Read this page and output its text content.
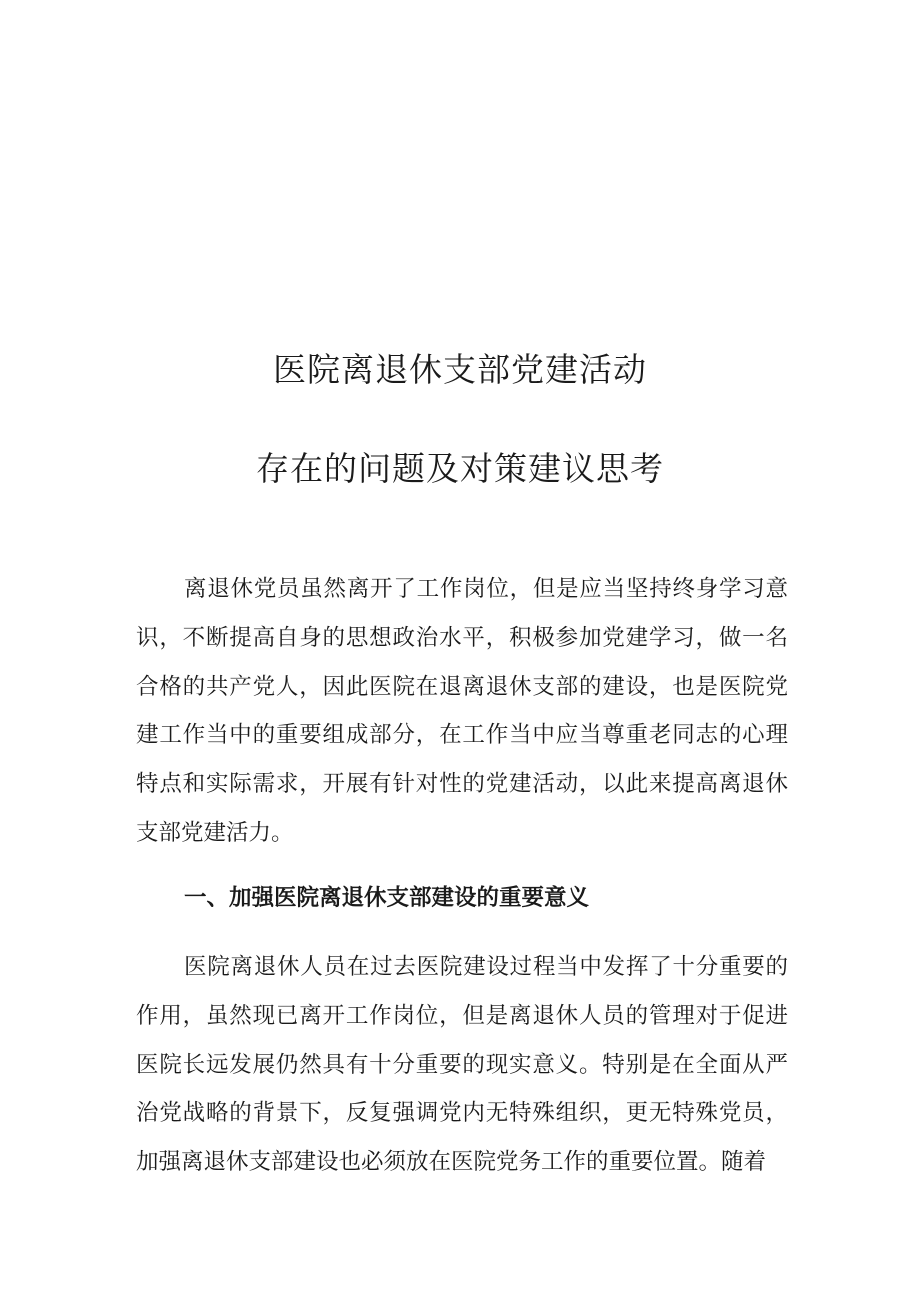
医院离退休支部党建活动
存在的问题及对策建议思考

离退休党员虽然离开了工作岗位，但是应当坚持终身学习意识，不断提高自身的思想政治水平，积极参加党建学习，做一名合格的共产党人，因此医院在退离退休支部的建设，也是医院党建工作当中的重要组成部分，在工作当中应当尊重老同志的心理特点和实际需求，开展有针对性的党建活动，以此来提高离退休支部党建活力。

一、加强医院离退休支部建设的重要意义

医院离退休人员在过去医院建设过程当中发挥了十分重要的作用，虽然现已离开工作岗位，但是离退休人员的管理对于促进医院长远发展仍然具有十分重要的现实意义。特别是在全面从严治党战略的背景下，反复强调党内无特殊组织，更无特殊党员，加强离退休支部建设也必须放在医院党务工作的重要位置。随着
